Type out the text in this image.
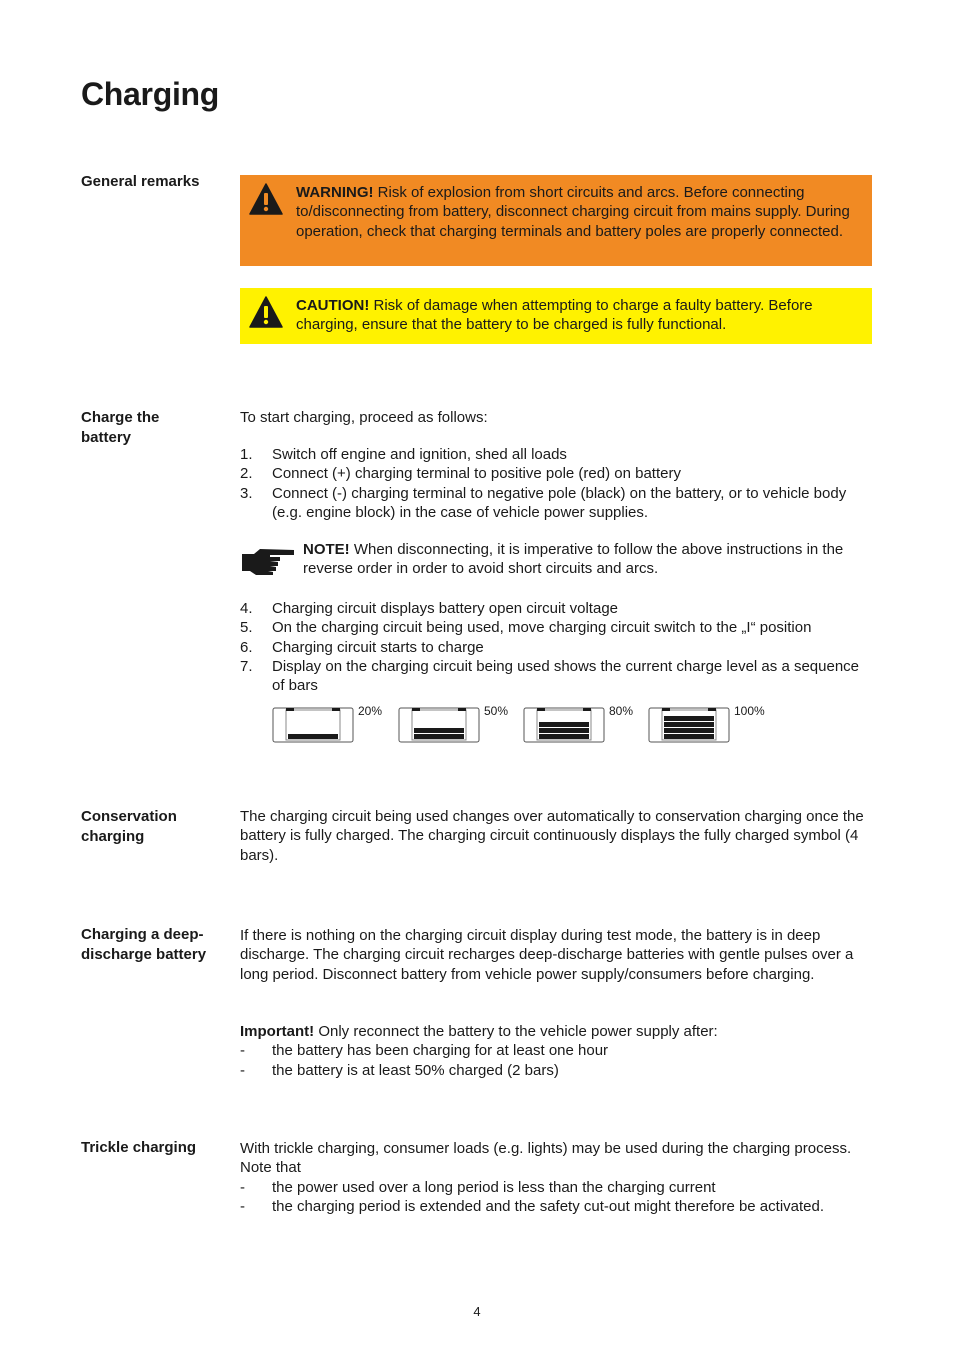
Charging
General remarks
WARNING! Risk of explosion from short circuits and arcs. Before connecting to/disconnecting from battery, disconnect charging circuit from mains supply. During operation, check that charging terminals and battery poles are properly connected.
CAUTION! Risk of damage when attempting to charge a faulty battery. Before charging, ensure that the battery to be charged is fully functional.
Charge the battery
To start charging, proceed as follows:
1. Switch off engine and ignition, shed all loads
2. Connect (+) charging terminal to positive pole (red) on battery
3. Connect (-) charging terminal to negative pole (black) on the battery, or to vehicle body (e.g. engine block) in the case of vehicle power supplies.
NOTE! When disconnecting, it is imperative to follow the above instructions in the reverse order in order to avoid short circuits and arcs.
4. Charging circuit displays battery open circuit voltage
5. On the charging circuit being used, move charging circuit switch to the „I“ position
6. Charging circuit starts to charge
7. Display on the charging circuit being used shows the current charge level as a sequence of bars
20%	50%	80%	100%
Conservation charging
The charging circuit being used changes over automatically to conservation charging once the battery is fully charged. The charging circuit continuously displays the fully charged symbol (4 bars).
Charging a deep-discharge battery
If there is nothing on the charging circuit display during test mode, the battery is in deep discharge. The charging circuit recharges deep-discharge batteries with gentle pulses over a long period. Disconnect battery from vehicle power supply/consumers before charging.
Important! Only reconnect the battery to the vehicle power supply after:
- the battery has been charging for at least one hour
- the battery is at least 50% charged (2 bars)
Trickle charging	With trickle charging, consumer loads (e.g. lights) may be used during the charging process. Note that
- the power used over a long period is less than the charging current
- the charging period is extended and the safety cut-out might therefore be activated.
4
